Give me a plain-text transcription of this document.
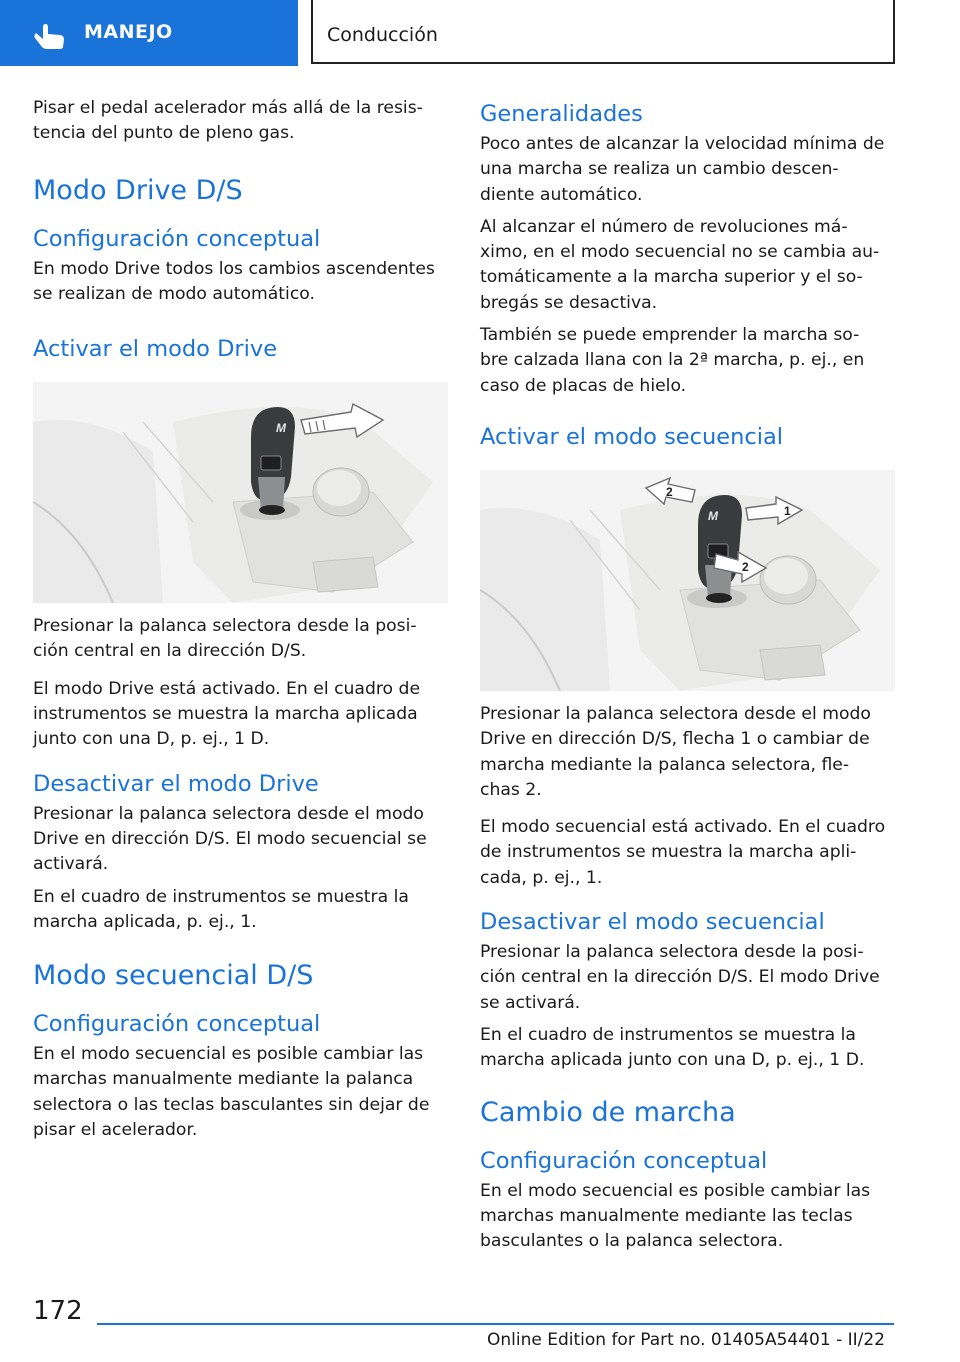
MANEJO	Conducción

Pisar el pedal acelerador más allá de la resis-
tencia del punto de pleno gas.

Modo Drive D/S
Configuración conceptual

En modo Drive todos los cambios ascendentes
se realizan de modo automático.

Activar el modo Drive
M

Presionar la palanca selectora desde la posi-
ción central en la dirección D/S.

El modo Drive está activado. En el cuadro de
instrumentos se muestra la marcha aplicada
junto con una D, p. ej., 1 D.

Desactivar el modo Drive

Presionar la palanca selectora desde el modo
Drive en dirección D/S. El modo secuencial se
activará.

En el cuadro de instrumentos se muestra la
marcha aplicada, p. ej., 1.

Modo secuencial D/S
Configuración conceptual

En el modo secuencial es posible cambiar las
marchas manualmente mediante la palanca
selectora o las teclas basculantes sin dejar de
pisar el acelerador.

Generalidades

Poco antes de alcanzar la velocidad mínima de
una marcha se realiza un cambio descen-
diente automático.

Al alcanzar el número de revoluciones má-
ximo, en el modo secuencial no se cambia au-
tomáticamente a la marcha superior y el so-
bregás se desactiva.

También se puede emprender la marcha so-
bre calzada llana con la 2ª marcha, p. ej., en
caso de placas de hielo.

Activar el modo secuencial
M	1
2
2

Presionar la palanca selectora desde el modo
Drive en dirección D/S, flecha 1 o cambiar de
marcha mediante la palanca selectora, fle-
chas 2.

El modo secuencial está activado. En el cuadro
de instrumentos se muestra la marcha apli-
cada, p. ej., 1.

Desactivar el modo secuencial

Presionar la palanca selectora desde la posi-
ción central en la dirección D/S. El modo Drive
se activará.

En el cuadro de instrumentos se muestra la
marcha aplicada junto con una D, p. ej., 1 D.

Cambio de marcha
Configuración conceptual

En el modo secuencial es posible cambiar las
marchas manualmente mediante las teclas
basculantes o la palanca selectora.

172
Online Edition for Part no. 01405A54401 - II/22
